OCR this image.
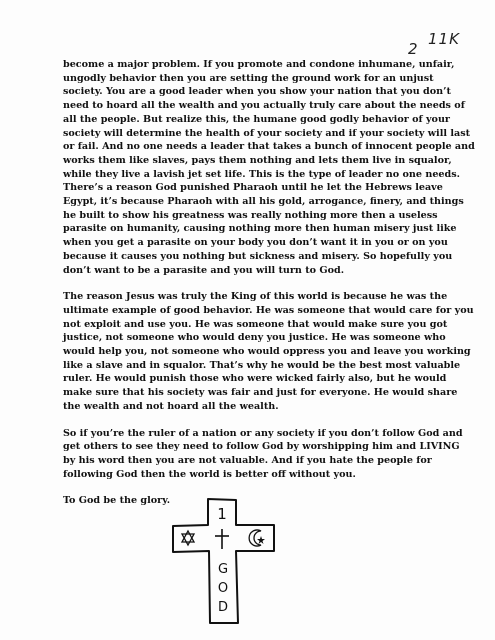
2
11K

become a major problem. If you promote and condone inhumane, unfair, ungodly behavior then you are setting the ground work for an unjust society. You are a good leader when you show your nation that you don’t need to hoard all the wealth and you actually truly care about the needs of all the people. But realize this, the humane good godly behavior of your society will determine the health of your society and if your society will last or fail. And no one needs a leader that takes a bunch of innocent people and works them like slaves, pays them nothing and lets them live in squalor, while they live a lavish jet set life. This is the type of leader no one needs. There’s a reason God punished Pharaoh until he let the Hebrews leave Egypt, it’s because Pharaoh with all his gold, arrogance, finery, and things he built to show his greatness was really nothing more then a useless parasite on humanity, causing nothing more then human misery just like when you get a parasite on your body you don’t want it in you or on you because it causes you nothing but sickness and misery. So hopefully you don’t want to be a parasite and you will turn to God.

The reason Jesus was truly the King of this world is because he was the ultimate example of good behavior. He was someone that would care for you not exploit and use you. He was someone that would make sure you got justice, not someone who would deny you justice. He was someone who would help you, not someone who would oppress you and leave you working like a slave and in squalor. That’s why he would be the best most valuable ruler. He would punish those who were wicked fairly also, but he would make sure that his society was fair and just for everyone. He would share the wealth and not hoard all the wealth.

So if you’re the ruler of a nation or any society if you don’t follow God and get others to see they need to follow God by worshipping him and LIVING by his word then you are not valuable. And if you hate the people for following God then the world is better off without you.

To God be the glory.

1
G
O
D
